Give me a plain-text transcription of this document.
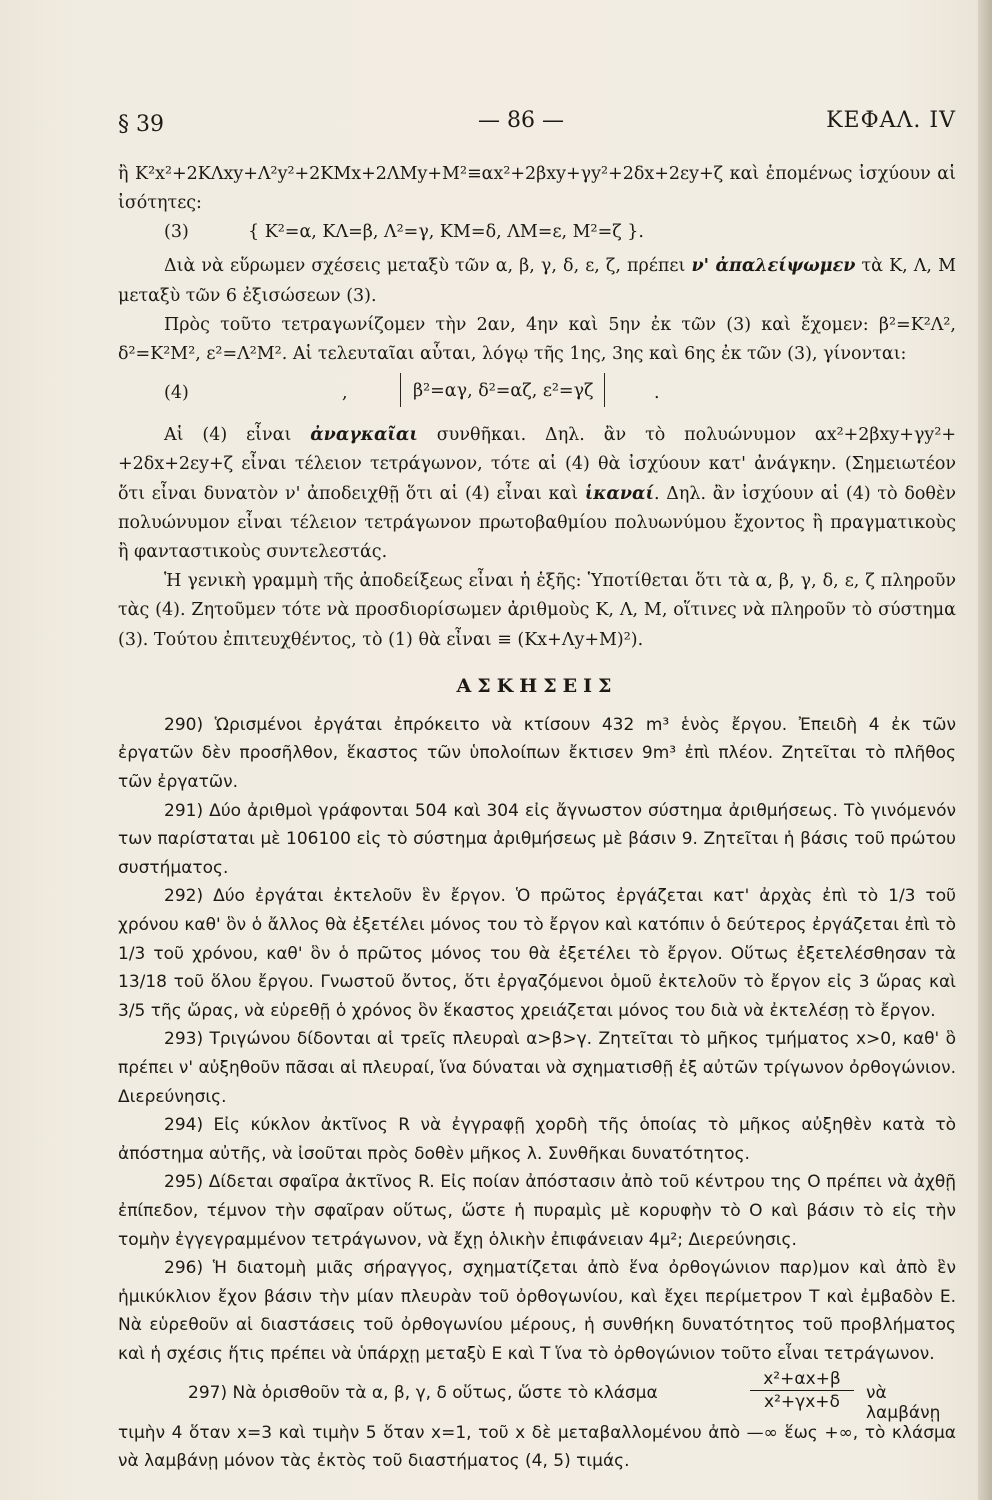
§ 39	— 86 —	ΚΕΦΑΛ. IV

ἢ K²x²+2KΛxy+Λ²y²+2KMx+2ΛMy+M²≡αx²+2βxy+γy²+2δx+2εy+ζ καὶ ἑπομένως ἰσχύουν αἱ ἰσότητες:

(3)	{ K²=α, KΛ=β, Λ²=γ, KM=δ, ΛM=ε, M²=ζ }.

Διὰ νὰ εὕρωμεν σχέσεις μεταξὺ τῶν α, β, γ, δ, ε, ζ, πρέπει ν' ἀπαλείψωμεν τὰ K, Λ, M μεταξὺ τῶν 6 ἐξισώσεων (3).

Πρὸς τοῦτο τετραγωνίζομεν τὴν 2αν, 4ην καὶ 5ην ἐκ τῶν (3) καὶ ἔχομεν: β²=K²Λ², δ²=K²M², ε²=Λ²M². Αἱ τελευταῖαι αὗται, λόγῳ τῆς 1ης, 3ης καὶ 6ης ἐκ τῶν (3), γίνονται:

(4)	,	β²=αγ, δ²=αζ, ε²=γζ	.

Αἱ (4) εἶναι ἀναγκαῖαι συνθῆκαι. Δηλ. ἂν τὸ πολυώνυμον αx²+2βxy+γy²+ +2δx+2εy+ζ εἶναι τέλειον τετράγωνον, τότε αἱ (4) θὰ ἰσχύουν κατ' ἀνάγκην. (Σημειωτέον ὅτι εἶναι δυνατὸν ν' ἀποδειχθῇ ὅτι αἱ (4) εἶναι καὶ ἱκαναί. Δηλ. ἂν ἰσχύουν αἱ (4) τὸ δοθὲν πολυώνυμον εἶναι τέλειον τετράγωνον πρωτοβαθμίου πολυωνύμου ἔχοντος ἢ πραγματικοὺς ἢ φανταστικοὺς συντελεστάς.

Ἡ γενικὴ γραμμὴ τῆς ἀποδείξεως εἶναι ἡ ἑξῆς: Ὑποτίθεται ὅτι τὰ α, β, γ, δ, ε, ζ πληροῦν τὰς (4). Ζητοῦμεν τότε νὰ προσδιορίσωμεν ἀριθμοὺς K, Λ, M, οἵτινες νὰ πληροῦν τὸ σύστημα (3). Τούτου ἐπιτευχθέντος, τὸ (1) θὰ εἶναι ≡ (Kx+Λy+M)²).

ΑΣΚΗΣΕΙΣ

290) Ὡρισμένοι ἐργάται ἐπρόκειτο νὰ κτίσουν 432 m³ ἑνὸς ἔργου. Ἐπειδὴ 4 ἐκ τῶν ἐργατῶν δὲν προσῆλθον, ἕκαστος τῶν ὑπολοίπων ἔκτισεν 9m³ ἐπὶ πλέον. Ζητεῖται τὸ πλῆθος τῶν ἐργατῶν.

291) Δύο ἀριθμοὶ γράφονται 504 καὶ 304 εἰς ἄγνωστον σύστημα ἀριθμήσεως. Τὸ γινόμενόν των παρίσταται μὲ 106100 εἰς τὸ σύστημα ἀριθμήσεως μὲ βάσιν 9. Ζητεῖται ἡ βάσις τοῦ πρώτου συστήματος.

292) Δύο ἐργάται ἐκτελοῦν ἓν ἔργον. Ὁ πρῶτος ἐργάζεται κατ' ἀρχὰς ἐπὶ τὸ 1/3 τοῦ χρόνου καθ' ὃν ὁ ἄλλος θὰ ἐξετέλει μόνος του τὸ ἔργον καὶ κατόπιν ὁ δεύτερος ἐργάζεται ἐπὶ τὸ 1/3 τοῦ χρόνου, καθ' ὃν ὁ πρῶτος μόνος του θὰ ἐξετέλει τὸ ἔργον. Οὕτως ἐξετελέσθησαν τὰ 13/18 τοῦ ὅλου ἔργου. Γνωστοῦ ὄντος, ὅτι ἐργαζόμενοι ὁμοῦ ἐκτελοῦν τὸ ἔργον εἰς 3 ὥρας καὶ 3/5 τῆς ὥρας, νὰ εὑρεθῇ ὁ χρόνος ὃν ἕκαστος χρειάζεται μόνος του διὰ νὰ ἐκτελέσῃ τὸ ἔργον.

293) Τριγώνου δίδονται αἱ τρεῖς πλευραὶ α>β>γ. Ζητεῖται τὸ μῆκος τμήματος x>0, καθ' ὃ πρέπει ν' αὐξηθοῦν πᾶσαι αἱ πλευραί, ἵνα δύναται νὰ σχηματισθῇ ἐξ αὐτῶν τρίγωνον ὀρθογώνιον. Διερεύνησις.

294) Εἰς κύκλον ἀκτῖνος R νὰ ἐγγραφῇ χορδὴ τῆς ὁποίας τὸ μῆκος αὐξηθὲν κατὰ τὸ ἀπόστημα αὐτῆς, νὰ ἰσοῦται πρὸς δοθὲν μῆκος λ. Συνθῆκαι δυνατότητος.

295) Δίδεται σφαῖρα ἀκτῖνος R. Εἰς ποίαν ἀπόστασιν ἀπὸ τοῦ κέντρου της O πρέπει νὰ ἀχθῇ ἐπίπεδον, τέμνον τὴν σφαῖραν οὕτως, ὥστε ἡ πυραμὶς μὲ κορυφὴν τὸ O καὶ βάσιν τὸ εἰς τὴν τομὴν ἐγγεγραμμένον τετράγωνον, νὰ ἔχῃ ὁλικὴν ἐπιφάνειαν 4μ²; Διερεύνησις.

296) Ἡ διατομὴ μιᾶς σήραγγος, σχηματίζεται ἀπὸ ἕνα ὀρθογώνιον παρ)μον καὶ ἀπὸ ἓν ἡμικύκλιον ἔχον βάσιν τὴν μίαν πλευρὰν τοῦ ὀρθογωνίου, καὶ ἔχει περίμετρον T καὶ ἐμβαδὸν E. Νὰ εὑρεθοῦν αἱ διαστάσεις τοῦ ὀρθογωνίου μέρους, ἡ συνθήκη δυνατότητος τοῦ προβλήματος καὶ ἡ σχέσις ἥτις πρέπει νὰ ὑπάρχῃ μεταξὺ E καὶ T ἵνα τὸ ὀρθογώνιον τοῦτο εἶναι τετράγωνον.

297) Νὰ ὁρισθοῦν τὰ α, β, γ, δ οὕτως, ὥστε τὸ κλάσμα	$\frac{\text{x²+αx+β}}{\text{x²+γx+δ}}$ νὰ λαμβάνῃ

τιμὴν 4 ὅταν x=3 καὶ τιμὴν 5 ὅταν x=1, τοῦ x δὲ μεταβαλλομένου ἀπὸ —∞ ἕως +∞, τὸ κλάσμα νὰ λαμβάνῃ μόνον τὰς ἐκτὸς τοῦ διαστήματος (4, 5) τιμάς.
